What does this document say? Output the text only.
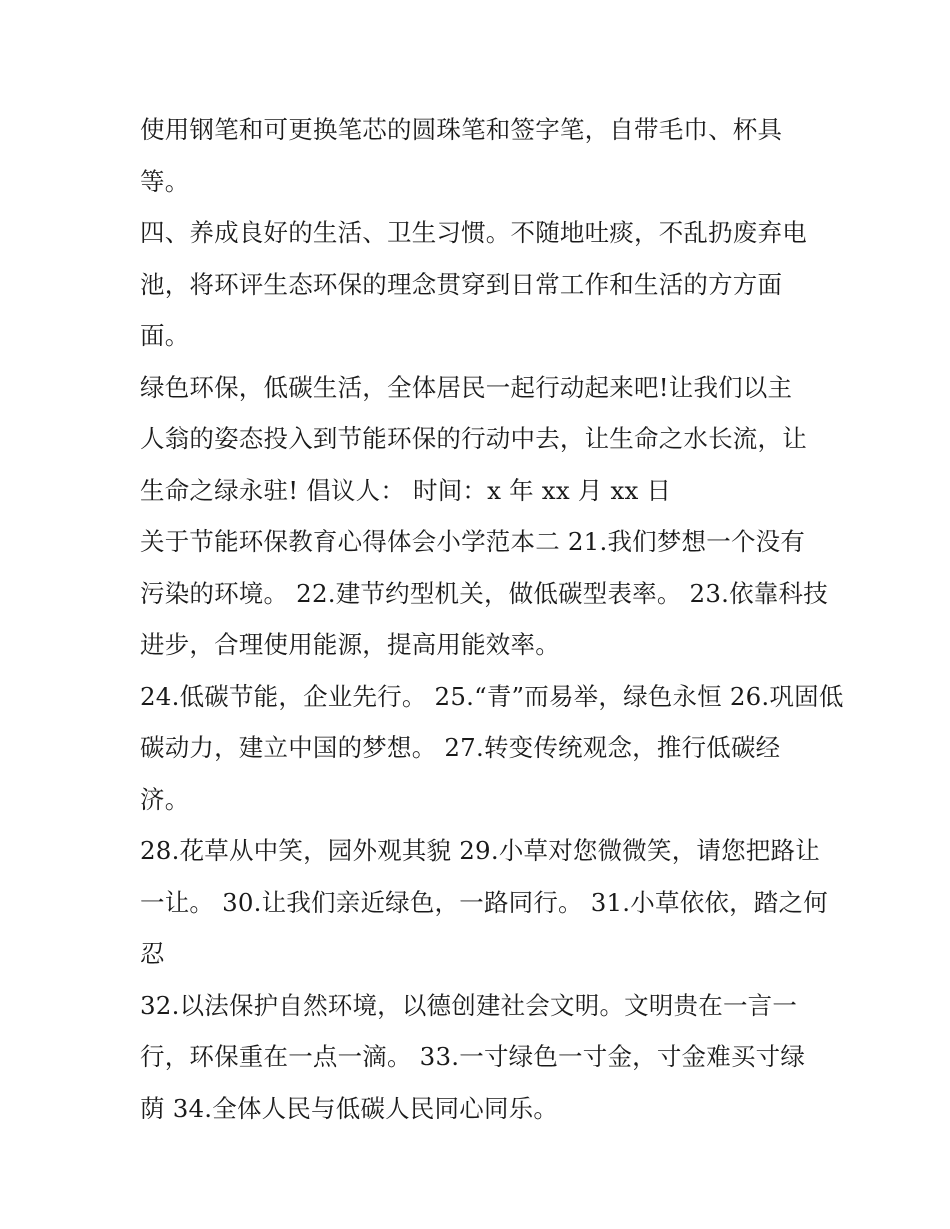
使用钢笔和可更换笔芯的圆珠笔和签字笔，自带毛巾、杯具
等。
四、养成良好的生活、卫生习惯。不随地吐痰，不乱扔废弃电
池，将环评生态环保的理念贯穿到日常工作和生活的方方面
面。
绿色环保，低碳生活，全体居民一起行动起来吧!让我们以主
人翁的姿态投入到节能环保的行动中去，让生命之水长流，让
生命之绿永驻! 倡议人： 时间：x 年 xx 月 xx 日
关于节能环保教育心得体会小学范本二 21.我们梦想一个没有
污染的环境。 22.建节约型机关，做低碳型表率。 23.依靠科技
进步，合理使用能源，提高用能效率。
24.低碳节能，企业先行。 25.“青”而易举，绿色永恒 26.巩固低
碳动力，建立中国的梦想。 27.转变传统观念，推行低碳经
济。
28.花草从中笑，园外观其貌 29.小草对您微微笑，请您把路让
一让。 30.让我们亲近绿色，一路同行。 31.小草依依，踏之何
忍
32.以法保护自然环境，以德创建社会文明。文明贵在一言一
行，环保重在一点一滴。 33.一寸绿色一寸金，寸金难买寸绿
荫 34.全体人民与低碳人民同心同乐。
